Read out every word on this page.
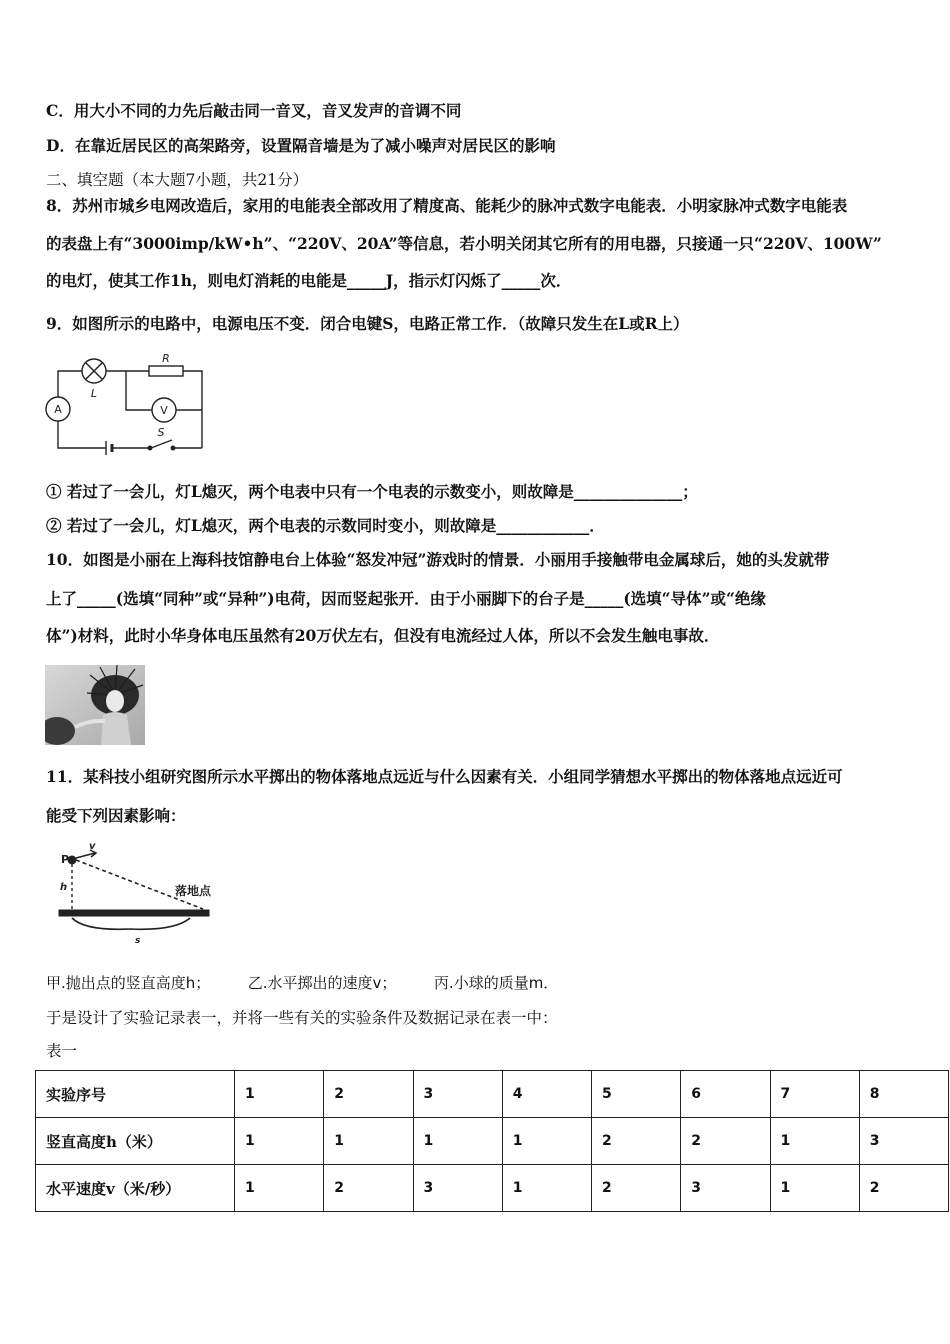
C．用大小不同的力先后敲击同一音叉，音叉发声的音调不同
D．在靠近居民区的高架路旁，设置隔音墙是为了减小噪声对居民区的影响
二、填空题（本大题7小题，共21分）
8．苏州市城乡电网改造后，家用的电能表全部改用了精度高、能耗少的脉冲式数字电能表．小明家脉冲式数字电能表
的表盘上有“3000imp/kW•h”、“220V、20A”等信息，若小明关闭其它所有的用电器，只接通一只“220V、100W”
的电灯，使其工作1h，则电灯消耗的电能是_____J，指示灯闪烁了_____次．
9．如图所示的电路中，电源电压不变．闭合电键S，电路正常工作．（故障只发生在L或R上）
A
L
R
V
S
① 若过了一会儿，灯L熄灭，两个电表中只有一个电表的示数变小，则故障是______________；
② 若过了一会儿，灯L熄灭，两个电表的示数同时变小，则故障是____________．
10．如图是小丽在上海科技馆静电台上体验“怒发冲冠”游戏时的情景．小丽用手接触带电金属球后，她的头发就带
上了_____(选填“同种”或“异种”)电荷，因而竖起张开．由于小丽脚下的台子是_____(选填“导体”或“绝缘
体”)材料，此时小华身体电压虽然有20万伏左右，但没有电流经过人体，所以不会发生触电事故．
11．某科技小组研究图所示水平掷出的物体落地点远近与什么因素有关．小组同学猜想水平掷出的物体落地点远近可
能受下列因素影响：
P
v
h	落地点
s
甲.抛出点的竖直高度h；　　　乙.水平掷出的速度v；　　　丙.小球的质量m．
于是设计了实验记录表一，并将一些有关的实验条件及数据记录在表一中：
表一
实验序号	1	2	3	4	5	6	7	8
竖直高度h（米）	1	1	1	1	2	2	1	3
水平速度v（米/秒）	1	2	3	1	2	3	1	2
